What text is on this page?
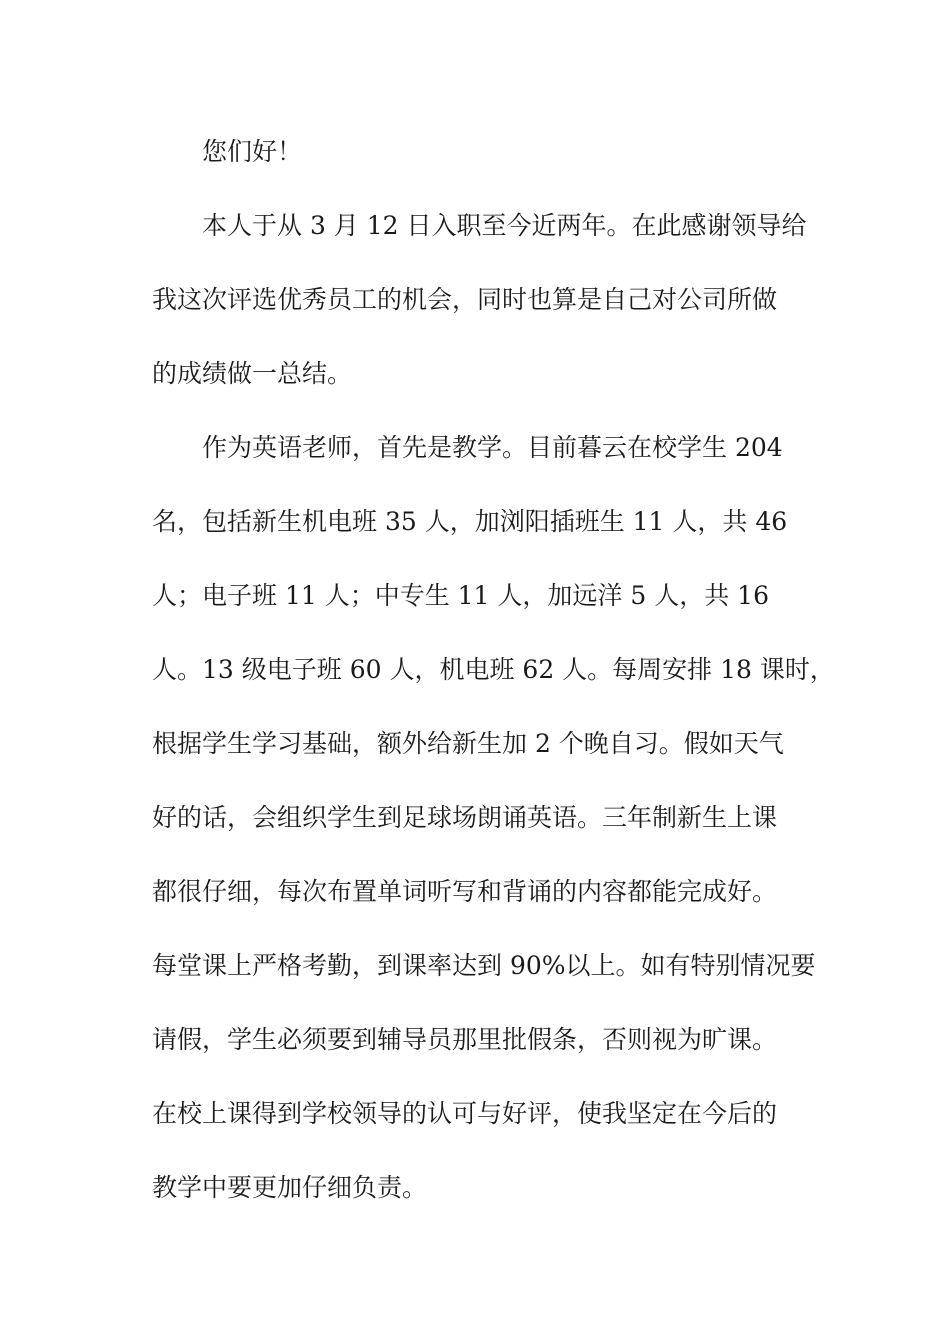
您们好！
本人于从 3 月 12 日入职至今近两年。在此感谢领导给
我这次评选优秀员工的机会，同时也算是自己对公司所做
的成绩做一总结。
作为英语老师，首先是教学。目前暮云在校学生 204
名，包括新生机电班 35 人，加浏阳插班生 11 人，共 46
人；电子班 11 人；中专生 11 人，加远洋 5 人，共 16
人。13 级电子班 60 人，机电班 62 人。每周安排 18 课时，
根据学生学习基础，额外给新生加 2 个晚自习。假如天气
好的话，会组织学生到足球场朗诵英语。三年制新生上课
都很仔细，每次布置单词听写和背诵的内容都能完成好。
每堂课上严格考勤，到课率达到 90%以上。如有特别情况要
请假，学生必须要到辅导员那里批假条，否则视为旷课。
在校上课得到学校领导的认可与好评，使我坚定在今后的
教学中要更加仔细负责。
